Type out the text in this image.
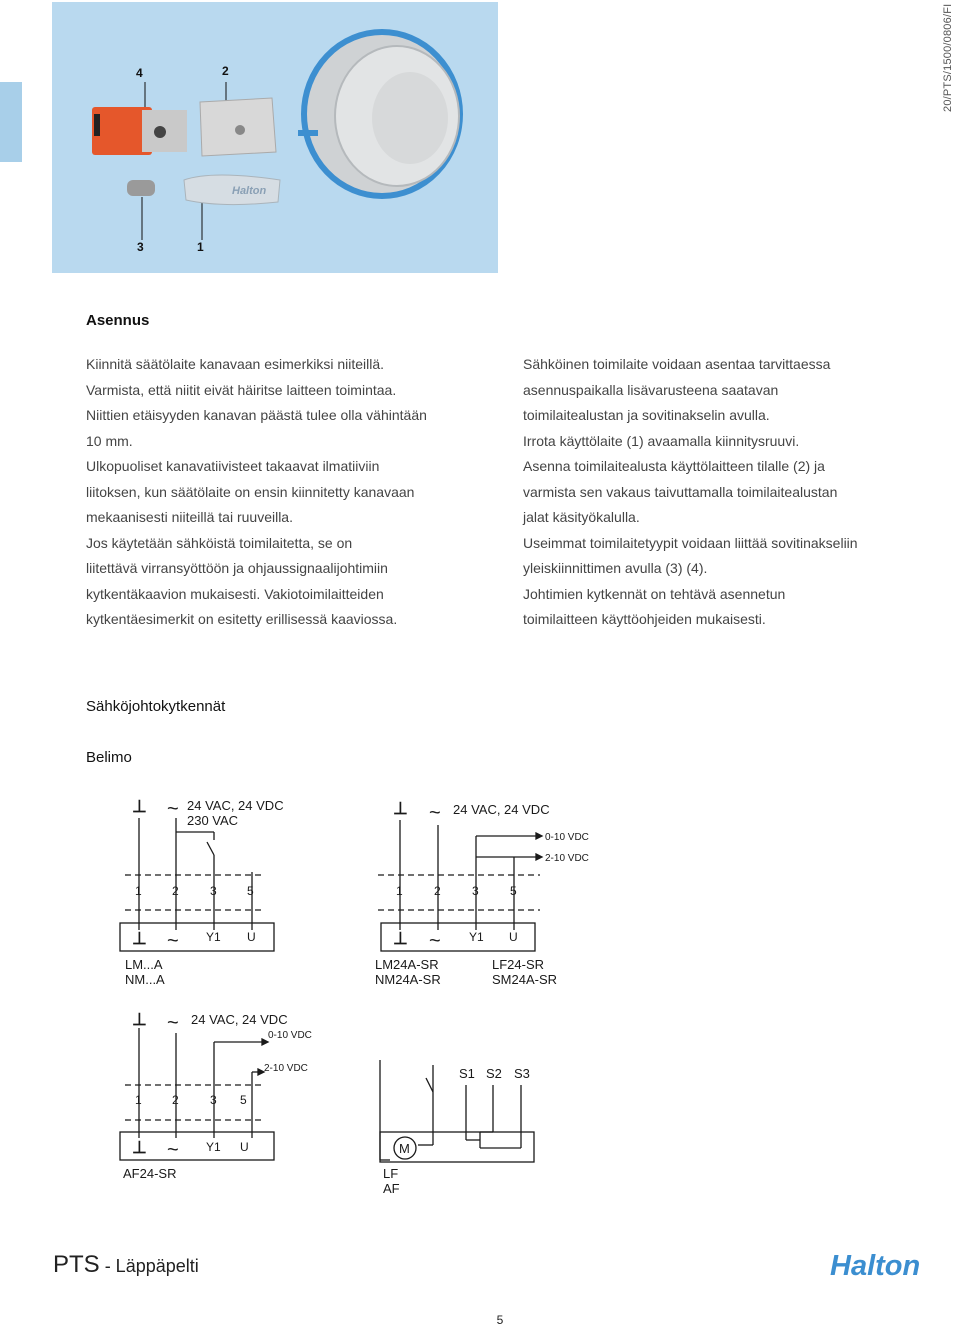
20/PTS/1500/0806/FI
Halton
4	2
3	1
Asennus

Kiinnitä säätölaite kanavaan esimerkiksi niiteillä.

Varmista, että niitit eivät häiritse laitteen toimintaa.

Niittien etäisyyden kanavan päästä tulee olla vähintään

10 mm.

Ulkopuoliset kanavatiivisteet takaavat ilmatiiviin

liitoksen, kun säätölaite on ensin kiinnitetty kanavaan

mekaanisesti niiteillä tai ruuveilla.

Jos käytetään sähköistä toimilaitetta, se on

liitettävä virransyöttöön ja ohjaussignaalijohtimiin

kytkentäkaavion mukaisesti. Vakiotoimilaitteiden

kytkentäesimerkit on esitetty erillisessä kaaviossa.

Sähköinen toimilaite voidaan asentaa tarvittaessa

asennuspaikalla lisävarusteena saatavan

toimilaitealustan ja sovitinakselin avulla.

Irrota käyttölaite (1) avaamalla kiinnitysruuvi.

Asenna toimilaitealusta käyttölaitteen tilalle (2) ja

varmista sen vakaus taivuttamalla toimilaitealustan

jalat käsityökalulla.

Useimmat toimilaitetyypit voidaan liittää sovitinakseliin

yleiskiinnittimen avulla (3) (4).

Johtimien kytkennät on tehtävä asennetun

toimilaitteen käyttöohjeiden mukaisesti.

Sähköjohtokytkennät
Belimo
⊥ ~ 24 VAC, 24 VDC
230 VAC
1	2	3	5
⊥ ~ Y1 U
LM...A
NM...A
⊥ ~ 24 VAC, 24 VDC
0-10 VDC
2-10 VDC
1	2	3	5
⊥ ~ Y1 U
LM24A-SR
NM24A-SR
LF24-SR
SM24A-SR
⊥ ~ 24 VAC, 24 VDC
0-10 VDC
2-10 VDC
1	2	3 5
⊥ ~ Y1 U
AF24-SR
S1 S2 S3
M
LF
AF
PTS - Läppäpelti	Halton
5
